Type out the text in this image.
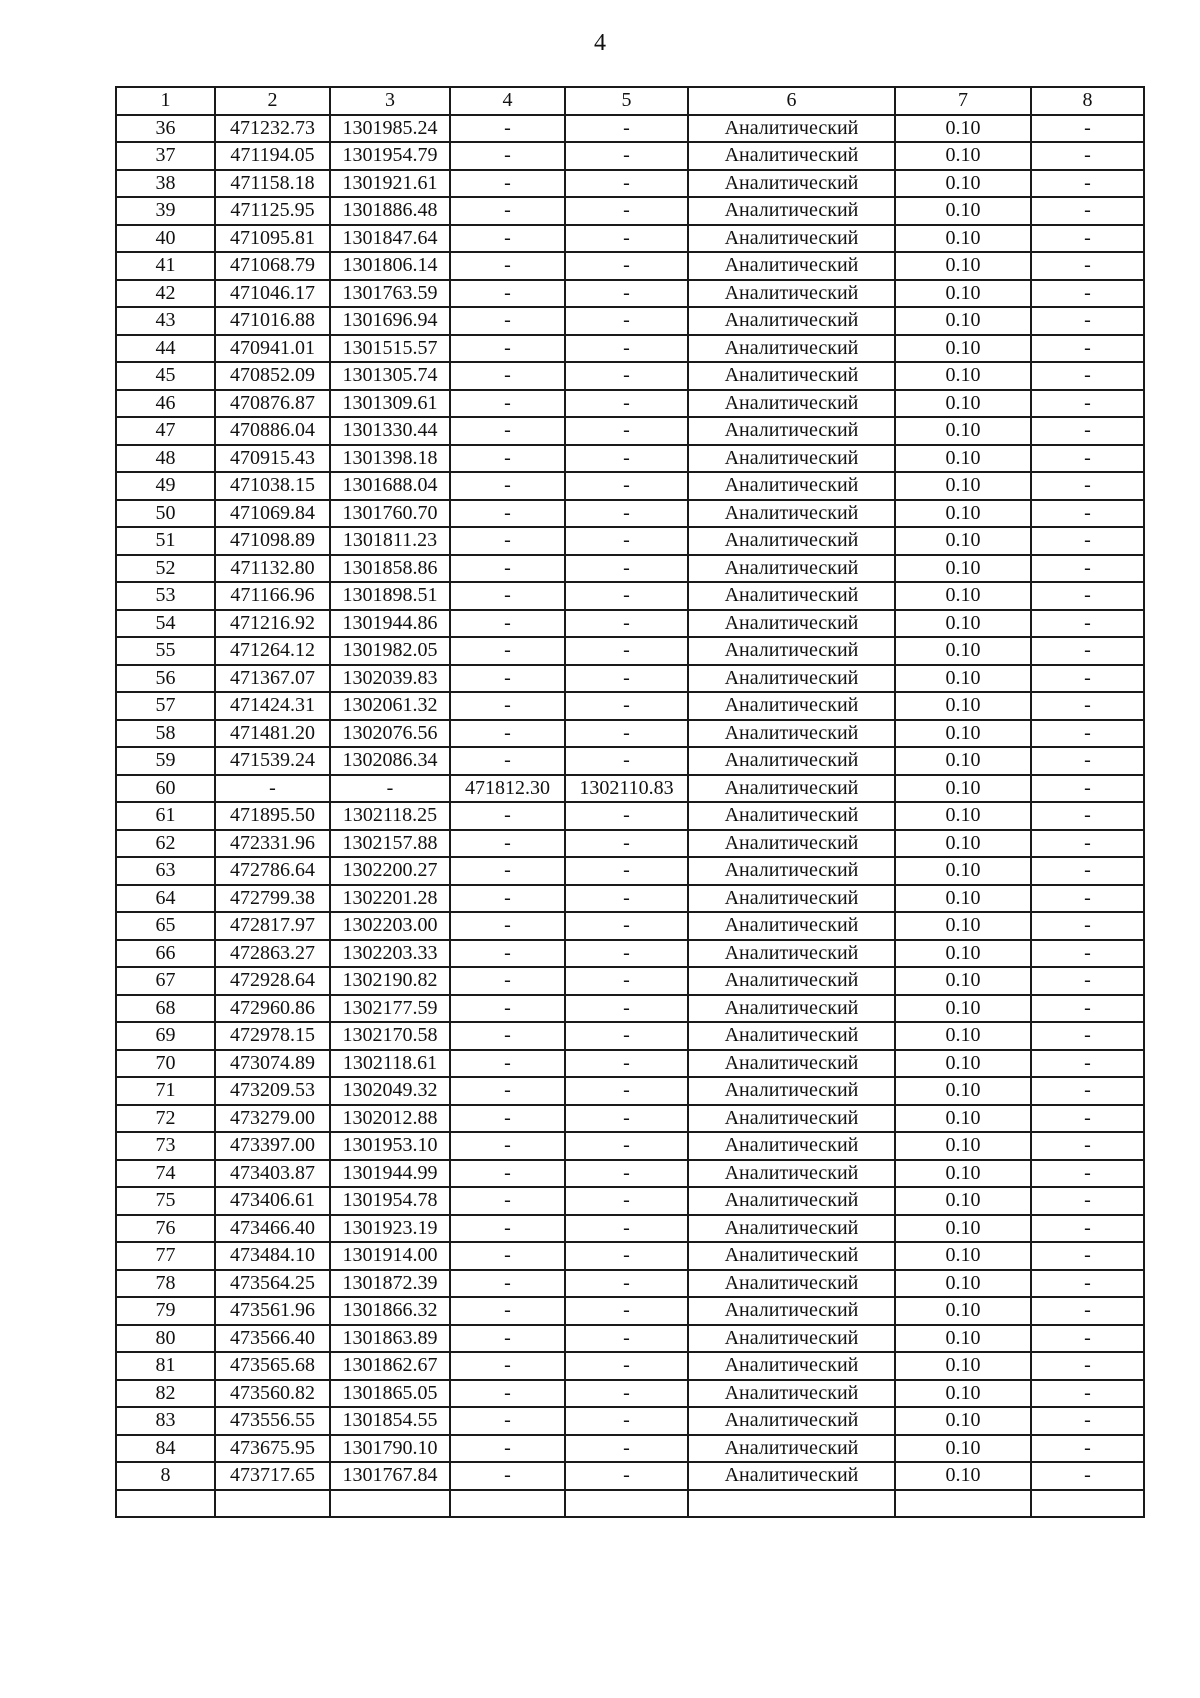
4
1	2	3	4	5	6	7	8
36	471232.73	1301985.24	-	-	Аналитический	0.10	-
37	471194.05	1301954.79	-	-	Аналитический	0.10	-
38	471158.18	1301921.61	-	-	Аналитический	0.10	-
39	471125.95	1301886.48	-	-	Аналитический	0.10	-
40	471095.81	1301847.64	-	-	Аналитический	0.10	-
41	471068.79	1301806.14	-	-	Аналитический	0.10	-
42	471046.17	1301763.59	-	-	Аналитический	0.10	-
43	471016.88	1301696.94	-	-	Аналитический	0.10	-
44	470941.01	1301515.57	-	-	Аналитический	0.10	-
45	470852.09	1301305.74	-	-	Аналитический	0.10	-
46	470876.87	1301309.61	-	-	Аналитический	0.10	-
47	470886.04	1301330.44	-	-	Аналитический	0.10	-
48	470915.43	1301398.18	-	-	Аналитический	0.10	-
49	471038.15	1301688.04	-	-	Аналитический	0.10	-
50	471069.84	1301760.70	-	-	Аналитический	0.10	-
51	471098.89	1301811.23	-	-	Аналитический	0.10	-
52	471132.80	1301858.86	-	-	Аналитический	0.10	-
53	471166.96	1301898.51	-	-	Аналитический	0.10	-
54	471216.92	1301944.86	-	-	Аналитический	0.10	-
55	471264.12	1301982.05	-	-	Аналитический	0.10	-
56	471367.07	1302039.83	-	-	Аналитический	0.10	-
57	471424.31	1302061.32	-	-	Аналитический	0.10	-
58	471481.20	1302076.56	-	-	Аналитический	0.10	-
59	471539.24	1302086.34	-	-	Аналитический	0.10	-
60	-	-	471812.30	1302110.83	Аналитический	0.10	-
61	471895.50	1302118.25	-	-	Аналитический	0.10	-
62	472331.96	1302157.88	-	-	Аналитический	0.10	-
63	472786.64	1302200.27	-	-	Аналитический	0.10	-
64	472799.38	1302201.28	-	-	Аналитический	0.10	-
65	472817.97	1302203.00	-	-	Аналитический	0.10	-
66	472863.27	1302203.33	-	-	Аналитический	0.10	-
67	472928.64	1302190.82	-	-	Аналитический	0.10	-
68	472960.86	1302177.59	-	-	Аналитический	0.10	-
69	472978.15	1302170.58	-	-	Аналитический	0.10	-
70	473074.89	1302118.61	-	-	Аналитический	0.10	-
71	473209.53	1302049.32	-	-	Аналитический	0.10	-
72	473279.00	1302012.88	-	-	Аналитический	0.10	-
73	473397.00	1301953.10	-	-	Аналитический	0.10	-
74	473403.87	1301944.99	-	-	Аналитический	0.10	-
75	473406.61	1301954.78	-	-	Аналитический	0.10	-
76	473466.40	1301923.19	-	-	Аналитический	0.10	-
77	473484.10	1301914.00	-	-	Аналитический	0.10	-
78	473564.25	1301872.39	-	-	Аналитический	0.10	-
79	473561.96	1301866.32	-	-	Аналитический	0.10	-
80	473566.40	1301863.89	-	-	Аналитический	0.10	-
81	473565.68	1301862.67	-	-	Аналитический	0.10	-
82	473560.82	1301865.05	-	-	Аналитический	0.10	-
83	473556.55	1301854.55	-	-	Аналитический	0.10	-
84	473675.95	1301790.10	-	-	Аналитический	0.10	-
8	473717.65	1301767.84	-	-	Аналитический	0.10	-
